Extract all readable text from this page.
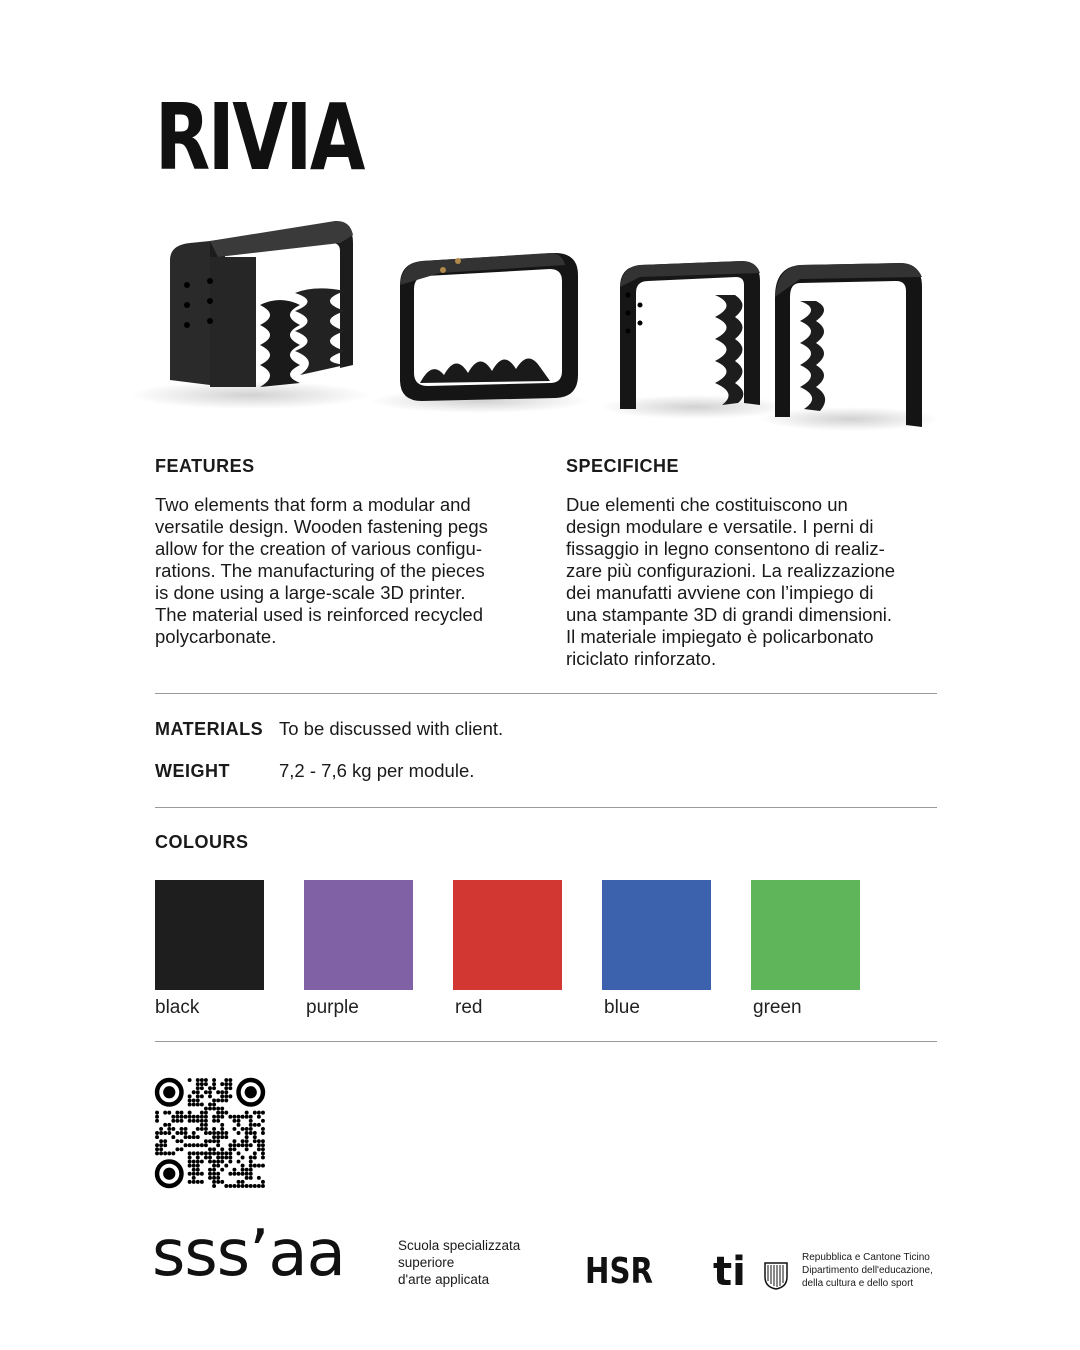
RIVIA
FEATURES
Two elements that form a modular and
versatile design. Wooden fastening pegs
allow for the creation of various configu-
rations. The manufacturing of the pieces
is done using a large-scale 3D printer.
The material used is reinforced recycled
polycarbonate.
SPECIFICHE
Due elementi che costituiscono un
design modulare e versatile. I perni di
fissaggio in legno consentono di realiz-
zare più configurazioni. La realizzazione
dei manufatti avviene con l’impiego di
una stampante 3D di grandi dimensioni.
Il materiale impiegato è policarbonato
riciclato rinforzato.
MATERIALS To be discussed with client.
WEIGHT	7,2 - 7,6 kg per module.
COLOURS
black	purple	red	blue	green
sss’aa	Scuola specializzata
superiore
d'arte applicata	HSR ti	Repubblica e Cantone Ticino
Dipartimento dell'educazione,
della cultura e dello sport
